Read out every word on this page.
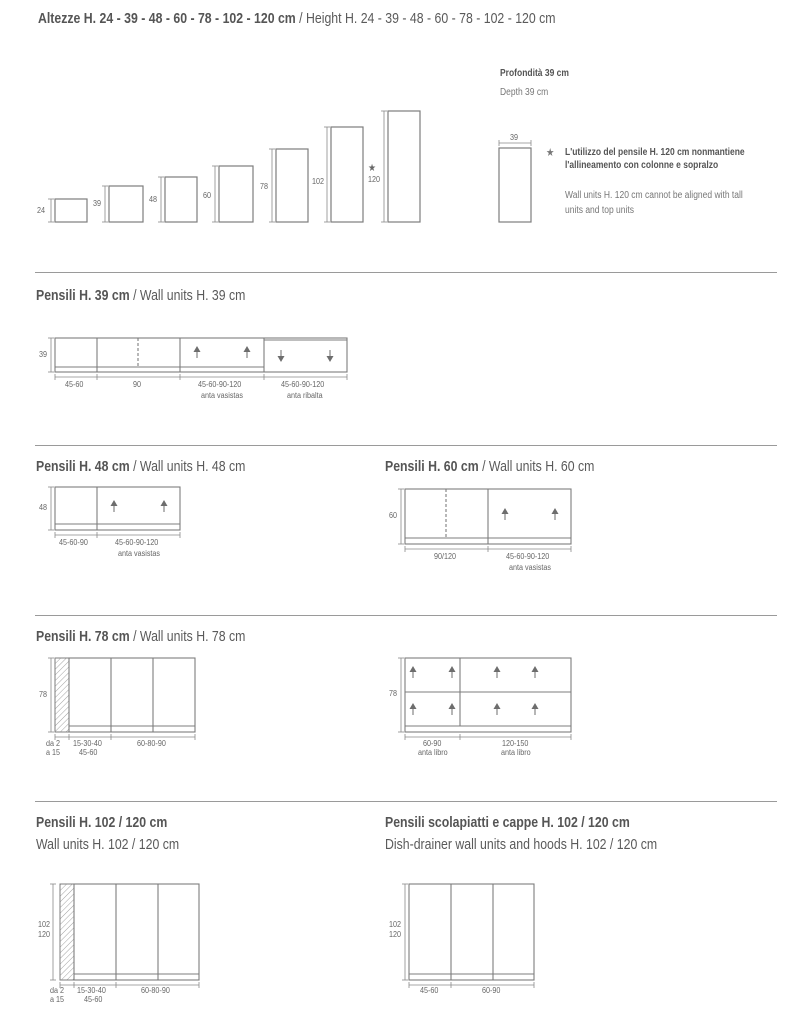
Altezze H. 24 - 39 - 48 - 60 - 78 - 102 - 120 cm / Height H. 24 - 39 - 48 - 60 - 78 - 102 - 120 cm
24
39	48	60
78
102
★
120
Profondità 39 cm
Depth 39 cm
39
★ L'utilizzo del pensile H. 120 cm nonmantiene
l'allineamento con colonne e sopralzo
Wall units H. 120 cm cannot be aligned with tall
units and top units
Pensili H. 39 cm / Wall units H. 39 cm
39
45-60	90	45-60-90-120
anta vasistas
45-60-90-120
anta ribalta
Pensili H. 48 cm / Wall units H. 48 cm	Pensili H. 60 cm / Wall units H. 60 cm
48
45-60-90	45-60-90-120
anta vasistas
60
90/120	45-60-90-120
anta vasistas
Pensili H. 78 cm / Wall units H. 78 cm
78
da 2
a 15
15-30-40
45-60
60-80-90
78
60-90
anta libro
120-150
anta libro
Pensili H. 102 / 120 cm
Wall units H. 102 / 120 cm
Pensili scolapiatti e cappe H. 102 / 120 cm
Dish-drainer wall units and hoods H. 102 / 120 cm
102
120
da 2
a 15
15-30-40
45-60
60-80-90
102
120
45-60	60-90
